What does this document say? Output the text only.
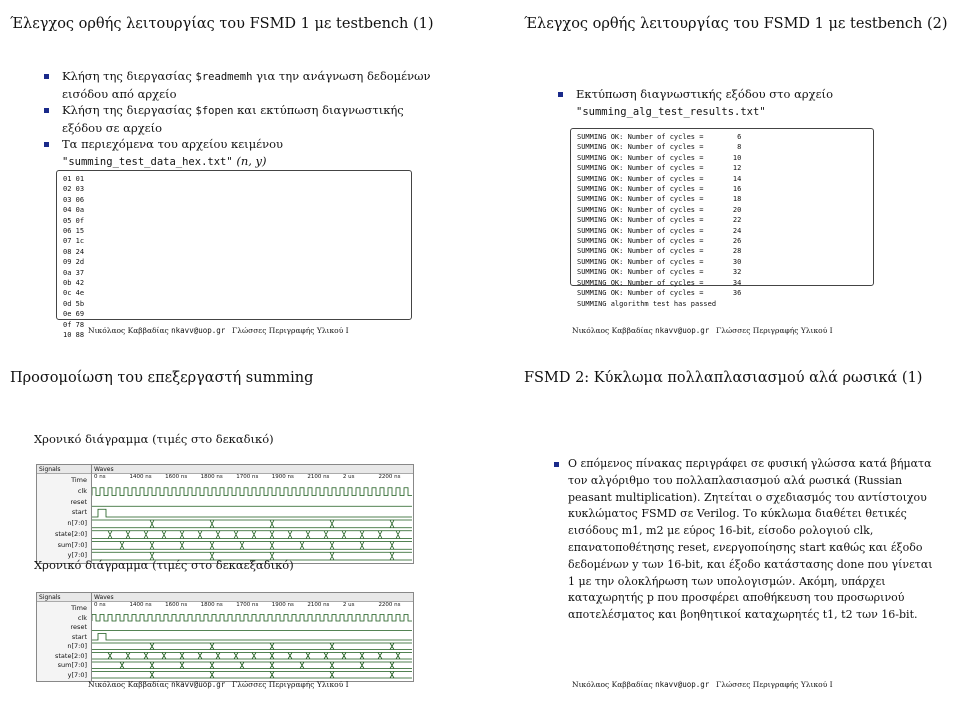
Έλεγχος ορθής λειτουργίας του FSMD 1 με testbench (1)
Κλήση της διεργασίας $readmemh για την ανάγνωση δεδομένων εισόδου από αρχείο
Κλήση της διεργασίας $fopen και εκτύπωση διαγνωστικής εξόδου σε αρχείο
Τα περιεχόμενα του αρχείου κειμένου "summing_test_data_hex.txt" (n, y)
01 01
02 03
03 06
04 0a
05 0f
06 15
07 1c
08 24
09 2d
0a 37
0b 42
0c 4e
0d 5b
0e 69
0f 78
10 88
Νικόλαος Καββαδίας nkavv@uop.gr Γλώσσες Περιγραφής Υλικού I
Έλεγχος ορθής λειτουργίας του FSMD 1 με testbench (2)
Εκτύπωση διαγνωστικής εξόδου στο αρχείο
"summing_alg_test_results.txt"
SUMMING OK: Number of cycles =        6
SUMMING OK: Number of cycles =        8
SUMMING OK: Number of cycles =       10
SUMMING OK: Number of cycles =       12
SUMMING OK: Number of cycles =       14
SUMMING OK: Number of cycles =       16
SUMMING OK: Number of cycles =       18
SUMMING OK: Number of cycles =       20
SUMMING OK: Number of cycles =       22
SUMMING OK: Number of cycles =       24
SUMMING OK: Number of cycles =       26
SUMMING OK: Number of cycles =       28
SUMMING OK: Number of cycles =       30
SUMMING OK: Number of cycles =       32
SUMMING OK: Number of cycles =       34
SUMMING OK: Number of cycles =       36
SUMMING algorithm test has passed
Νικόλαος Καββαδίας nkavv@uop.gr Γλώσσες Περιγραφής Υλικού I
Προσομοίωση του επεξεργαστή summing
Χρονικό διάγραμμα (τιμές στο δεκαδικό)
Signals
Time
clk
reset
start
n[7:0]
state[2:0]
sum[7:0]
y[7:0]
Waves
0 ns	1400 ns 1600 ns 1800 ns 1700 ns 1900 ns 2100 ns 2 us	2200 ns
Χρονικό διάγραμμα (τιμές στο δεκαεξαδικό)
Signals
Time
clk
reset
start
n[7:0]
state[2:0]
sum[7:0]
y[7:0]
Waves
0 ns	1400 ns 1600 ns 1800 ns 1700 ns 1900 ns 2100 ns 2 us	2200 ns
Νικόλαος Καββαδίας nkavv@uop.gr Γλώσσες Περιγραφής Υλικού I
FSMD 2: Κύκλωμα πολλαπλασιασμού αλά ρωσικά (1)
Ο επόμενος πίνακας περιγράφει σε φυσική γλώσσα κατά βήματα τον αλγόριθμο του πολλαπλασιασμού αλά ρωσικά (Russian peasant multiplication). Ζητείται ο σχεδιασμός του αντίστοιχου κυκλώματος FSMD σε Verilog. Το κύκλωμα διαθέτει θετικές εισόδους m1, m2 με εύρος 16-bit, είσοδο ρολογιού clk, επανατοποθέτησης reset, ενεργοποίησης start καθώς και έξοδο δεδομένων y των 16-bit, και έξοδο κατάστασης done που γίνεται 1 με την ολοκλήρωση των υπολογισμών. Ακόμη, υπάρχει καταχωρητής p που προσφέρει αποθήκευση του προσωρινού αποτελέσματος και βοηθητικοί καταχωρητές t1, t2 των 16-bit.
Νικόλαος Καββαδίας nkavv@uop.gr Γλώσσες Περιγραφής Υλικού I
